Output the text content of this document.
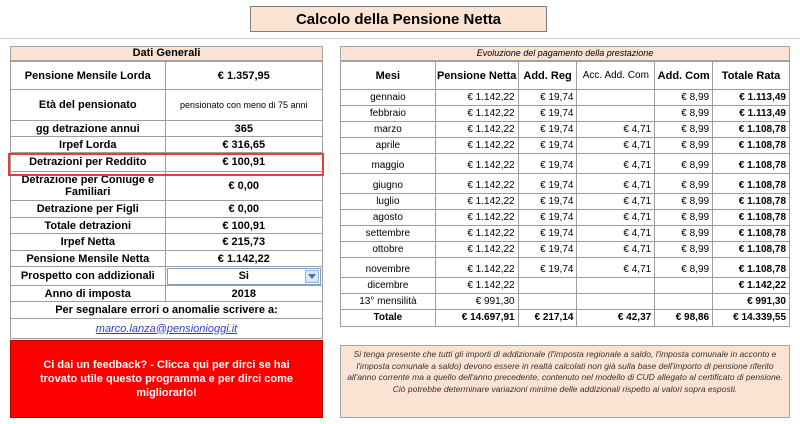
Calcolo della Pensione Netta
Dati Generali
Pensione Mensile Lorda	€ 1.357,95
Età del pensionato	pensionato con meno di 75 anni
gg detrazione annui	365
Irpef Lorda	€ 316,65
Detrazioni per Reddito	€ 100,91
Detrazione per Coniuge e Familiari	€ 0,00
Detrazione per Figli	€ 0,00
Totale detrazioni	€ 100,91
Irpef Netta	€ 215,73
Pensione Mensile Netta	€ 1.142,22
Prospetto con addizionali	Si

Anno di imposta	2018
Per segnalare errori o anomalie scrivere a:	
marco.lanza@pensionioggi.it	
Ci dai un feedback? - Clicca qui per dirci se hai trovato utile questo programma e per dirci come migliorarlo!
Evoluzione del pagamento della prestazione
Mesi	Pensione Netta	Add. Reg	Acc. Add. Com	Add. Com	Totale Rata
gennaio	€ 1.142,22	€ 19,74		€ 8,99	€ 1.113,49
febbraio	€ 1.142,22	€ 19,74		€ 8,99	€ 1.113,49
marzo	€ 1.142,22	€ 19,74	€ 4,71	€ 8,99	€ 1.108,78
aprile	€ 1.142,22	€ 19,74	€ 4,71	€ 8,99	€ 1.108,78
maggio	€ 1.142,22	€ 19,74	€ 4,71	€ 8,99	€ 1.108,78
giugno	€ 1.142,22	€ 19,74	€ 4,71	€ 8,99	€ 1.108,78
luglio	€ 1.142,22	€ 19,74	€ 4,71	€ 8,99	€ 1.108,78
agosto	€ 1.142,22	€ 19,74	€ 4,71	€ 8,99	€ 1.108,78
settembre	€ 1.142,22	€ 19,74	€ 4,71	€ 8,99	€ 1.108,78
ottobre	€ 1.142,22	€ 19,74	€ 4,71	€ 8,99	€ 1.108,78
novembre	€ 1.142,22	€ 19,74	€ 4,71	€ 8,99	€ 1.108,78
dicembre	€ 1.142,22				€ 1.142,22
13° mensilità	€ 991,30				€ 991,30
Totale	€ 14.697,91	€ 217,14	€ 42,37	€ 98,86	€ 14.339,55
Si tenga presente che tutti gli importi di addizionale (l'imposta regionale a saldo, l'imposta comunale in acconto e l'imposta comunale a saldo) devono essere in realtà calcolati non già sulla base dell'importo di pensione riferito all'anno corrente ma a quello dell'anno precedente, contenuto nel modello di CUD allegato al certificato di pensione. Ciò potrebbe determinare variazioni minime delle addizionali rispetto ai valori sopra esposti.
